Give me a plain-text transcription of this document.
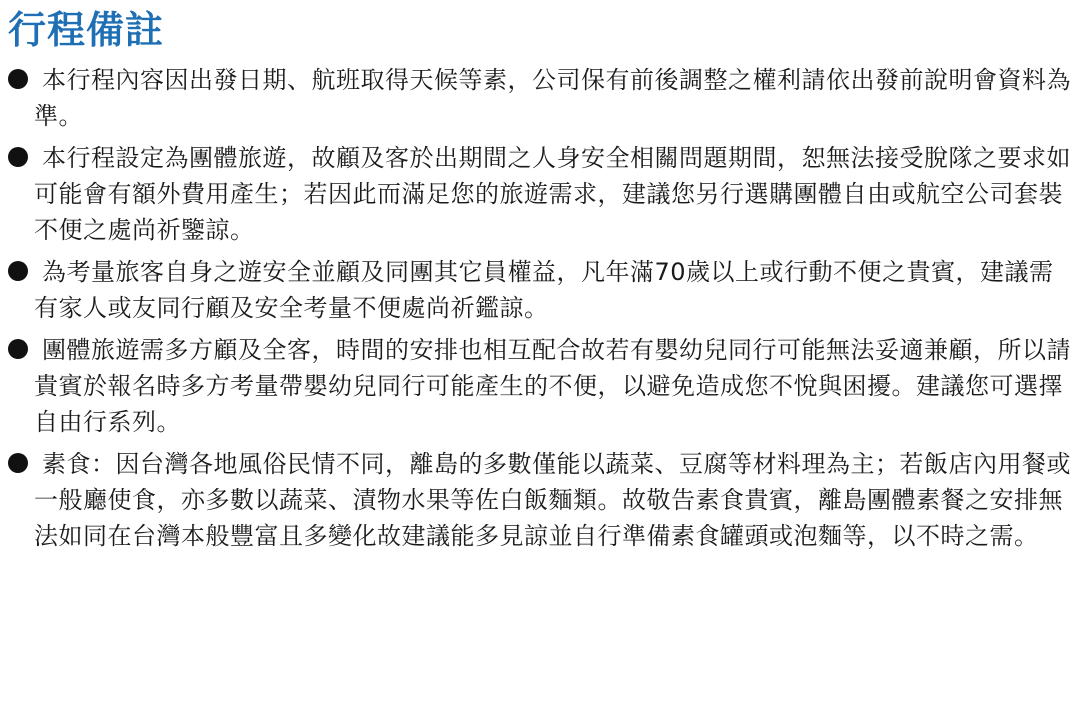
行程備註
本行程內容因出發日期、航班取得天候等素，公司保有前後調整之權利請依出發前說明會資料為準。
本行程設定為團體旅遊，故顧及客於出期間之人身安全相關問題期間，恕無法接受脫隊之要求如可能會有額外費用產生；若因此而滿足您的旅遊需求，建議您另行選購團體自由或航空公司套裝不便之處尚祈鑒諒。
為考量旅客自身之遊安全並顧及同團其它員權益，凡年滿70歲以上或行動不便之貴賓，建議需有家人或友同行顧及安全考量不便處尚祈鑑諒。
團體旅遊需多方顧及全客，時間的安排也相互配合故若有嬰幼兒同行可能無法妥適兼顧，所以請貴賓於報名時多方考量帶嬰幼兒同行可能產生的不便，以避免造成您不悅與困擾。建議您可選擇自由行系列。
素食：因台灣各地風俗民情不同，離島的多數僅能以蔬菜、豆腐等材料理為主；若飯店內用餐或一般廳使食，亦多數以蔬菜、漬物水果等佐白飯麵類。故敬告素食貴賓，離島團體素餐之安排無法如同在台灣本般豐富且多變化故建議能多見諒並自行準備素食罐頭或泡麵等，以不時之需。
